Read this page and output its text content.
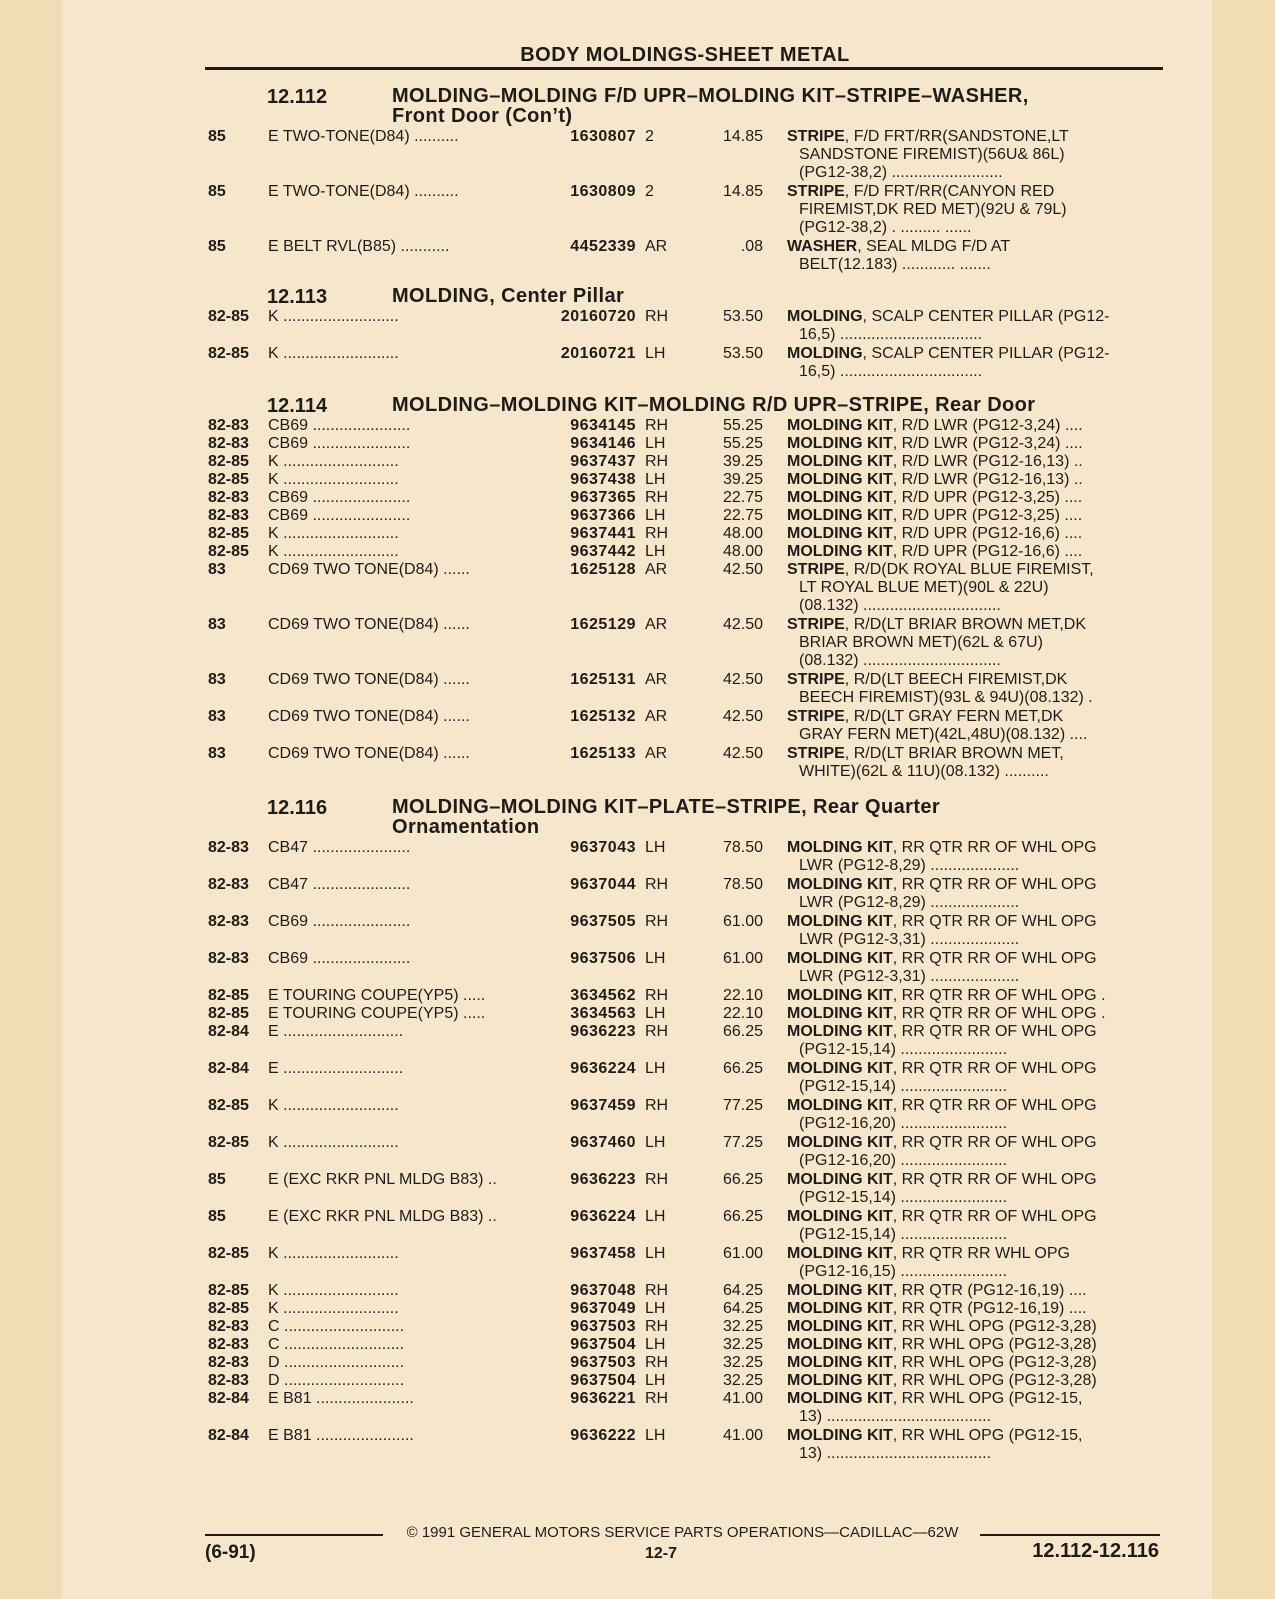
BODY MOLDINGS-SHEET METAL
12.112	MOLDING–MOLDING F/D UPR–MOLDING KIT–STRIPE–WASHER,
Front Door (Con’t)
85	E TWO-TONE(D84) ..........	1630807 2	14.85 STRIPE, F/D FRT/RR(SANDSTONE,LT
SANDSTONE FIREMIST)(56U& 86L)
(PG12-38,2) .........................
85	E TWO-TONE(D84) ..........	1630809 2	14.85 STRIPE, F/D FRT/RR(CANYON RED
FIREMIST,DK RED MET)(92U & 79L)
(PG12-38,2) . ......... ......
85	E BELT RVL(B85) ...........	4452339 AR	.08 WASHER, SEAL MLDG F/D AT
BELT(12.183) ............ .......
12.113	MOLDING, Center Pillar
82-85	K ..........................	20160720 RH	53.50 MOLDING, SCALP CENTER PILLAR (PG12-
16,5) ................................
82-85	K ..........................	20160721 LH	53.50 MOLDING, SCALP CENTER PILLAR (PG12-
16,5) ................................
12.114	MOLDING–MOLDING KIT–MOLDING R/D UPR–STRIPE, Rear Door
82-83	CB69 ......................	9634145 RH	55.25 MOLDING KIT, R/D LWR (PG12-3,24) ....
82-83	CB69 ......................	9634146 LH	55.25 MOLDING KIT, R/D LWR (PG12-3,24) ....
82-85	K ..........................	9637437 RH	39.25 MOLDING KIT, R/D LWR (PG12-16,13) ..
82-85	K ..........................	9637438 LH	39.25 MOLDING KIT, R/D LWR (PG12-16,13) ..
82-83	CB69 ......................	9637365 RH	22.75 MOLDING KIT, R/D UPR (PG12-3,25) ....
82-83	CB69 ......................	9637366 LH	22.75 MOLDING KIT, R/D UPR (PG12-3,25) ....
82-85	K ..........................	9637441 RH	48.00 MOLDING KIT, R/D UPR (PG12-16,6) ....
82-85	K ..........................	9637442 LH	48.00 MOLDING KIT, R/D UPR (PG12-16,6) ....
83	CD69 TWO TONE(D84) ......	1625128 AR	42.50 STRIPE, R/D(DK ROYAL BLUE FIREMIST,
LT ROYAL BLUE MET)(90L & 22U)
(08.132) ...............................
83	CD69 TWO TONE(D84) ......	1625129 AR	42.50 STRIPE, R/D(LT BRIAR BROWN MET,DK
BRIAR BROWN MET)(62L & 67U)
(08.132) ...............................
83	CD69 TWO TONE(D84) ......	1625131 AR	42.50 STRIPE, R/D(LT BEECH FIREMIST,DK
BEECH FIREMIST)(93L & 94U)(08.132) .
83	CD69 TWO TONE(D84) ......	1625132 AR	42.50 STRIPE, R/D(LT GRAY FERN MET,DK
GRAY FERN MET)(42L,48U)(08.132) ....
83	CD69 TWO TONE(D84) ......	1625133 AR	42.50 STRIPE, R/D(LT BRIAR BROWN MET,
WHITE)(62L & 11U)(08.132) ..........
12.116	MOLDING–MOLDING KIT–PLATE–STRIPE, Rear Quarter
Ornamentation
82-83	CB47 ......................	9637043 LH	78.50 MOLDING KIT, RR QTR RR OF WHL OPG
LWR (PG12-8,29) ....................
82-83	CB47 ......................	9637044 RH	78.50 MOLDING KIT, RR QTR RR OF WHL OPG
LWR (PG12-8,29) ....................
82-83	CB69 ......................	9637505 RH	61.00 MOLDING KIT, RR QTR RR OF WHL OPG
LWR (PG12-3,31) ....................
82-83	CB69 ......................	9637506 LH	61.00 MOLDING KIT, RR QTR RR OF WHL OPG
LWR (PG12-3,31) ....................
82-85	E TOURING COUPE(YP5) .....	3634562 RH	22.10 MOLDING KIT, RR QTR RR OF WHL OPG .
82-85	E TOURING COUPE(YP5) .....	3634563 LH	22.10 MOLDING KIT, RR QTR RR OF WHL OPG .
82-84	E ...........................	9636223 RH	66.25 MOLDING KIT, RR QTR RR OF WHL OPG
(PG12-15,14) ........................
82-84	E ...........................	9636224 LH	66.25 MOLDING KIT, RR QTR RR OF WHL OPG
(PG12-15,14) ........................
82-85	K ..........................	9637459 RH	77.25 MOLDING KIT, RR QTR RR OF WHL OPG
(PG12-16,20) ........................
82-85	K ..........................	9637460 LH	77.25 MOLDING KIT, RR QTR RR OF WHL OPG
(PG12-16,20) ........................
85	E (EXC RKR PNL MLDG B83) ..	9636223 RH	66.25 MOLDING KIT, RR QTR RR OF WHL OPG
(PG12-15,14) ........................
85	E (EXC RKR PNL MLDG B83) ..	9636224 LH	66.25 MOLDING KIT, RR QTR RR OF WHL OPG
(PG12-15,14) ........................
82-85	K ..........................	9637458 LH	61.00 MOLDING KIT, RR QTR RR WHL OPG
(PG12-16,15) ........................
82-85	K ..........................	9637048 RH	64.25 MOLDING KIT, RR QTR (PG12-16,19) ....
82-85	K ..........................	9637049 LH	64.25 MOLDING KIT, RR QTR (PG12-16,19) ....
82-83	C ...........................	9637503 RH	32.25 MOLDING KIT, RR WHL OPG (PG12-3,28)
82-83	C ...........................	9637504 LH	32.25 MOLDING KIT, RR WHL OPG (PG12-3,28)
82-83	D ...........................	9637503 RH	32.25 MOLDING KIT, RR WHL OPG (PG12-3,28)
82-83	D ...........................	9637504 LH	32.25 MOLDING KIT, RR WHL OPG (PG12-3,28)
82-84	E B81 ......................	9636221 RH	41.00 MOLDING KIT, RR WHL OPG (PG12-15,
13) .....................................
82-84	E B81 ......................	9636222 LH	41.00 MOLDING KIT, RR WHL OPG (PG12-15,
13) .....................................
© 1991 GENERAL MOTORS SERVICE PARTS OPERATIONS—CADILLAC—62W
(6-91)	12-7	12.112-12.116
